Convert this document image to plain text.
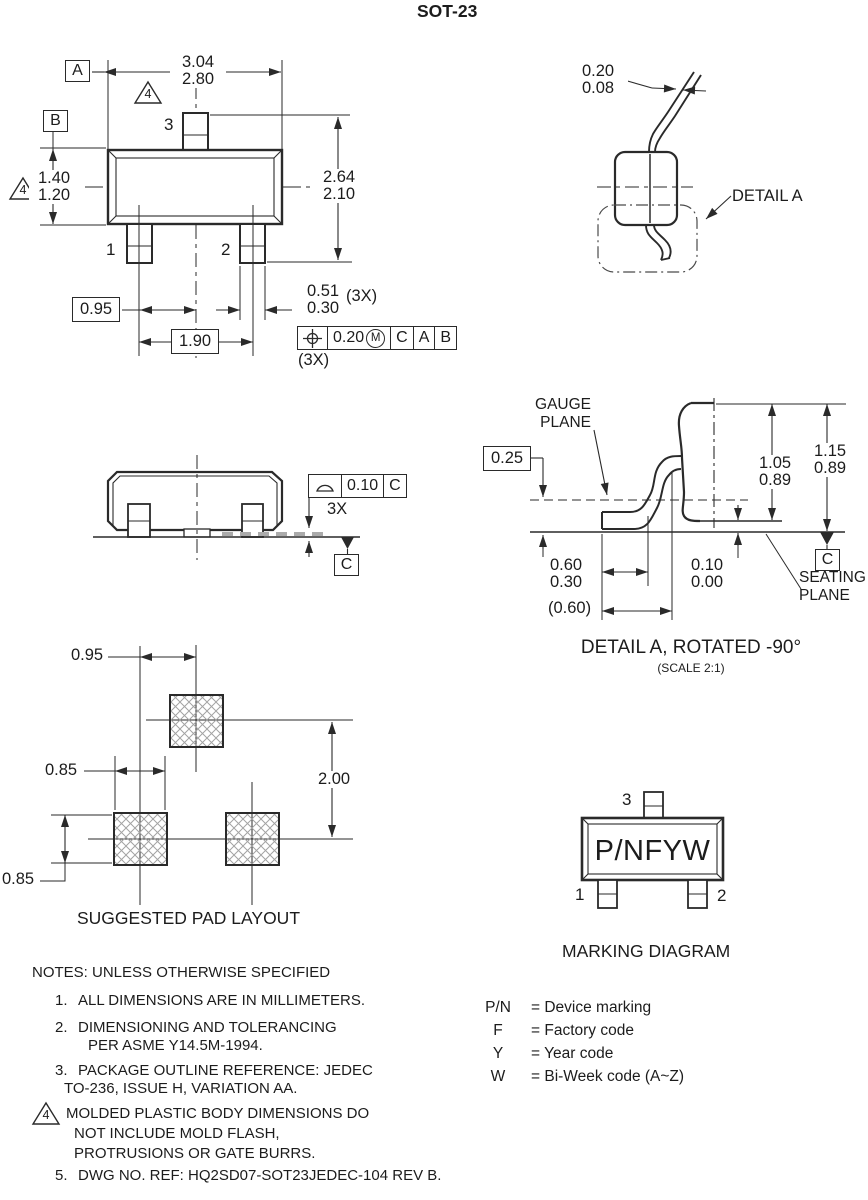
SOT-23
A
B
4
4
3.04
2.80
2.64
2.10
1.40
1.20
3
1	2
0.95
1.90
0.51
0.30
(3X)
0.20 M C A B
(3X)
0.20
0.08
DETAIL A
0.10 C
3X
C
GAUGE
PLANE
0.25
0.60
0.30
(0.60)
0.10
0.00
1.05
0.89
1.15
0.89
C
SEATING
PLANE
DETAIL A, ROTATED -90°
(SCALE 2:1)
0.95
0.85	2.00
0.85
SUGGESTED PAD LAYOUT
P/NFYW
3
1	2
MARKING DIAGRAM
NOTES: UNLESS OTHERWISE SPECIFIED
1. ALL DIMENSIONS ARE IN MILLIMETERS.
2. DIMENSIONING AND TOLERANCING
PER ASME Y14.5M-1994.
3. PACKAGE OUTLINE REFERENCE: JEDEC
TO-236, ISSUE H, VARIATION AA.
4	MOLDED PLASTIC BODY DIMENSIONS DO
NOT INCLUDE MOLD FLASH,
PROTRUSIONS OR GATE BURRS.
5. DWG NO. REF: HQ2SD07-SOT23JEDEC-104 REV B.
P/N	= Device marking
F	= Factory code
Y	= Year code
W	= Bi-Week code (A~Z)
